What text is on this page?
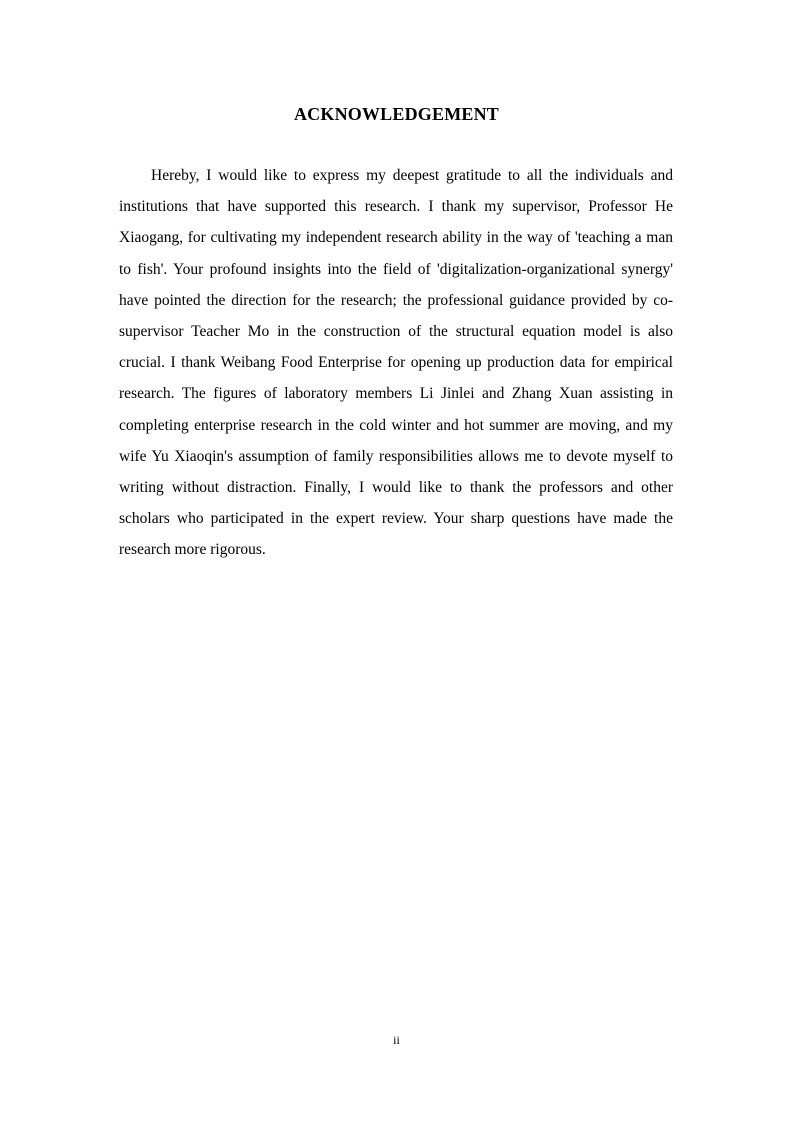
ACKNOWLEDGEMENT

Hereby, I would like to express my deepest gratitude to all the individuals and institutions that have supported this research. I thank my supervisor, Professor He Xiaogang, for cultivating my independent research ability in the way of 'teaching a man to fish'. Your profound insights into the field of 'digitalization-organizational synergy' have pointed the direction for the research; the professional guidance provided by co-supervisor Teacher Mo in the construction of the structural equation model is also crucial. I thank Weibang Food Enterprise for opening up production data for empirical research. The figures of laboratory members Li Jinlei and Zhang Xuan assisting in completing enterprise research in the cold winter and hot summer are moving, and my wife Yu Xiaoqin's assumption of family responsibilities allows me to devote myself to writing without distraction. Finally, I would like to thank the professors and other scholars who participated in the expert review. Your sharp questions have made the research more rigorous.

ii
